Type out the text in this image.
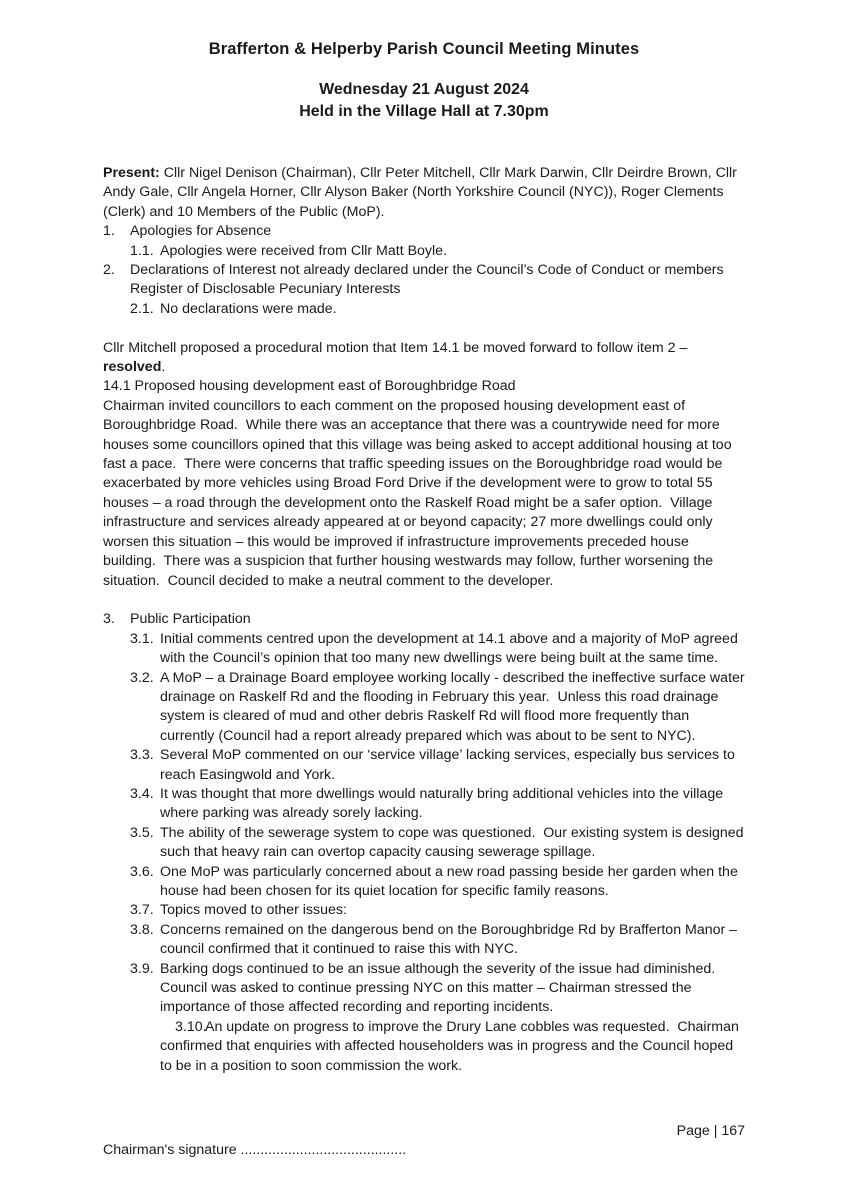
Brafferton & Helperby Parish Council Meeting Minutes

Wednesday 21 August 2024

Held in the Village Hall at 7.30pm

Present: Cllr Nigel Denison (Chairman), Cllr Peter Mitchell, Cllr Mark Darwin, Cllr Deirdre Brown, Cllr Andy Gale, Cllr Angela Horner, Cllr Alyson Baker (North Yorkshire Council (NYC)), Roger Clements (Clerk) and 10 Members of the Public (MoP).

1. Apologies for Absence
1.1. Apologies were received from Cllr Matt Boyle.
2. Declarations of Interest not already declared under the Council’s Code of Conduct or members Register of Disclosable Pecuniary Interests
2.1. No declarations were made.

Cllr Mitchell proposed a procedural motion that Item 14.1 be moved forward to follow item 2 – resolved.

14.1 Proposed housing development east of Boroughbridge Road

Chairman invited councillors to each comment on the proposed housing development east of Boroughbridge Road.  While there was an acceptance that there was a countrywide need for more houses some councillors opined that this village was being asked to accept additional housing at too fast a pace.  There were concerns that traffic speeding issues on the Boroughbridge road would be exacerbated by more vehicles using Broad Ford Drive if the development were to grow to total 55 houses – a road through the development onto the Raskelf Road might be a safer option.  Village infrastructure and services already appeared at or beyond capacity; 27 more dwellings could only worsen this situation – this would be improved if infrastructure improvements preceded house building.  There was a suspicion that further housing westwards may follow, further worsening the situation.  Council decided to make a neutral comment to the developer.

3. Public Participation
3.1. Initial comments centred upon the development at 14.1 above and a majority of MoP agreed with the Council’s opinion that too many new dwellings were being built at the same time.
3.2. A MoP – a Drainage Board employee working locally - described the ineffective surface water drainage on Raskelf Rd and the flooding in February this year.  Unless this road drainage system is cleared of mud and other debris Raskelf Rd will flood more frequently than currently (Council had a report already prepared which was about to be sent to NYC).
3.3. Several MoP commented on our ‘service village’ lacking services, especially bus services to reach Easingwold and York.
3.4. It was thought that more dwellings would naturally bring additional vehicles into the village where parking was already sorely lacking.
3.5. The ability of the sewerage system to cope was questioned.  Our existing system is designed such that heavy rain can overtop capacity causing sewerage spillage.
3.6. One MoP was particularly concerned about a new road passing beside her garden when the house had been chosen for its quiet location for specific family reasons.
3.7. Topics moved to other issues:
3.8. Concerns remained on the dangerous bend on the Boroughbridge Rd by Brafferton Manor – council confirmed that it continued to raise this with NYC.
3.9. Barking dogs continued to be an issue although the severity of the issue had diminished.  Council was asked to continue pressing NYC on this matter – Chairman stressed the importance of those affected recording and reporting incidents.
3.10.
An update on progress to improve the Drury Lane cobbles was requested.  Chairman confirmed that enquiries with affected householders was in progress and the Council hoped to be in a position to soon commission the work.
Page | 167
Chairman's signature ..........................................
